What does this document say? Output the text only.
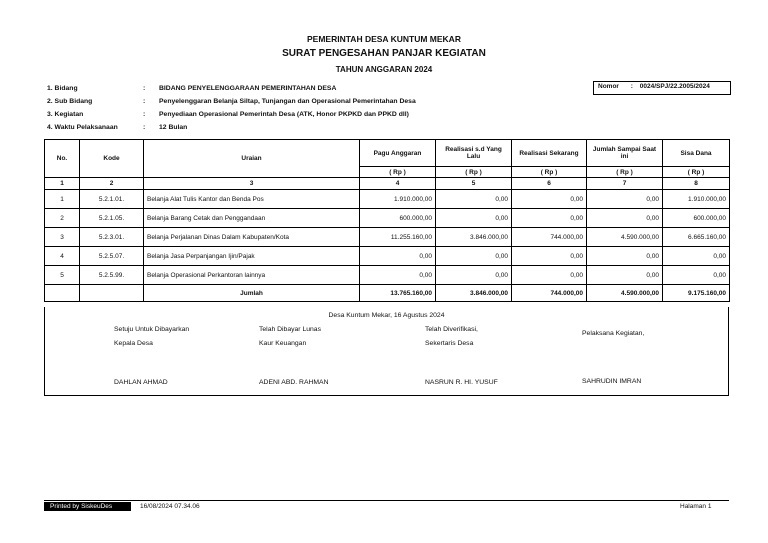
PEMERINTAH DESA KUNTUM MEKAR
SURAT PENGESAHAN PANJAR KEGIATAN
TAHUN ANGGARAN 2024
1. Bidang	: BIDANG PENYELENGGARAAN PEMERINTAHAN DESA
2. Sub Bidang	: Penyelenggaran Belanja Siltap, Tunjangan dan Operasional Pemerintahan Desa
3. Kegiatan	: Penyediaan Operasional Pemerintah Desa (ATK, Honor PKPKD dan PPKD dll)
4. Waktu Pelaksanaan	: 12 Bulan
Nomor : 0024/SPJ/22.2005/2024
No.	Kode	Uraian	Pagu Anggaran	Realisasi s.d Yang Lalu	Realisasi Sekarang	Jumlah Sampai Saat ini	Sisa Dana
			( Rp )	( Rp )	( Rp )	( Rp )	( Rp )
1	2	3	4	5	6	7	8
1	5.2.1.01.	Belanja Alat Tulis Kantor dan Benda Pos	1.910.000,00	0,00	0,00	0,00	1.910.000,00
2	5.2.1.05.	Belanja Barang Cetak dan Penggandaan	600.000,00	0,00	0,00	0,00	600.000,00
3	5.2.3.01.	Belanja Perjalanan Dinas Dalam Kabupaten/Kota	11.255.160,00	3.846.000,00	744.000,00	4.590.000,00	6.665.160,00
4	5.2.5.07.	Belanja Jasa Perpanjangan Ijin/Pajak	0,00	0,00	0,00	0,00	0,00
5	5.2.5.99.	Belanja Operasional Perkantoran lainnya	0,00	0,00	0,00	0,00	0,00
		Jumlah	13.765.160,00	3.846.000,00	744.000,00	4.590.000,00	9.175.160,00
Desa Kuntum Mekar, 16 Agustus 2024
Setuju Untuk Dibayarkan
Kepala Desa
DAHLAN AHMAD
Telah Dibayar Lunas
Kaur Keuangan
ADENI ABD. RAHMAN
Telah Diverifikasi,
Sekertaris Desa
NASRUN R. HI. YUSUF
Pelaksana Kegiatan,
SAHRUDIN IMRAN
Printed by SiskeuDes	16/08/2024 07.34.06	Halaman 1
